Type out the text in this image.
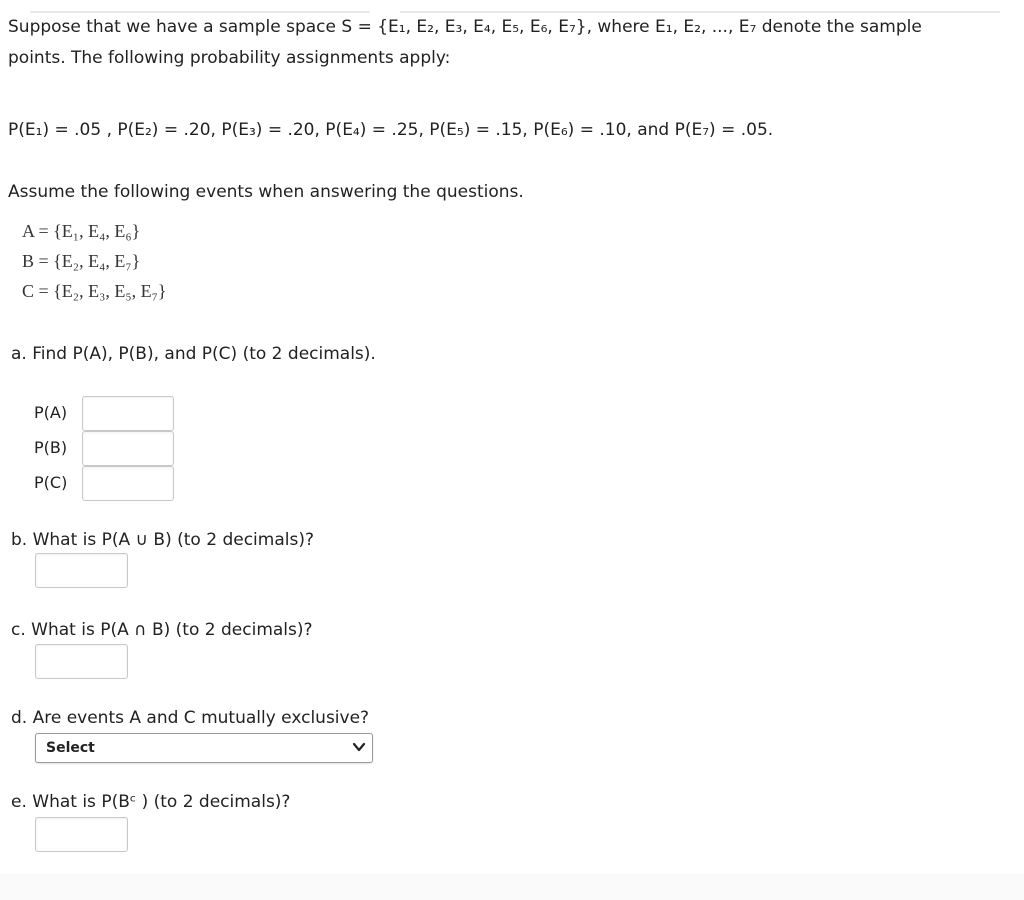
Suppose that we have a sample space S = {E₁, E₂, E₃, E₄, E₅, E₆, E₇}, where E₁, E₂, ..., E₇ denote the sample
points. The following probability assignments apply:
P(E₁) = .05 , P(E₂) = .20, P(E₃) = .20, P(E₄) = .25, P(E₅) = .15, P(E₆) = .10, and P(E₇) = .05.
Assume the following events when answering the questions.
A = {E₁, E₄, E₆}
B = {E₂, E₄, E₇}
C = {E₂, E₃, E₅, E₇}
a. Find P(A), P(B), and P(C) (to 2 decimals).
P(A)
P(B)
P(C)
b. What is P(A ∪ B) (to 2 decimals)?
c. What is P(A ∩ B) (to 2 decimals)?
d. Are events A and C mutually exclusive?
Select
e. What is P(Bᶜ ) (to 2 decimals)?
